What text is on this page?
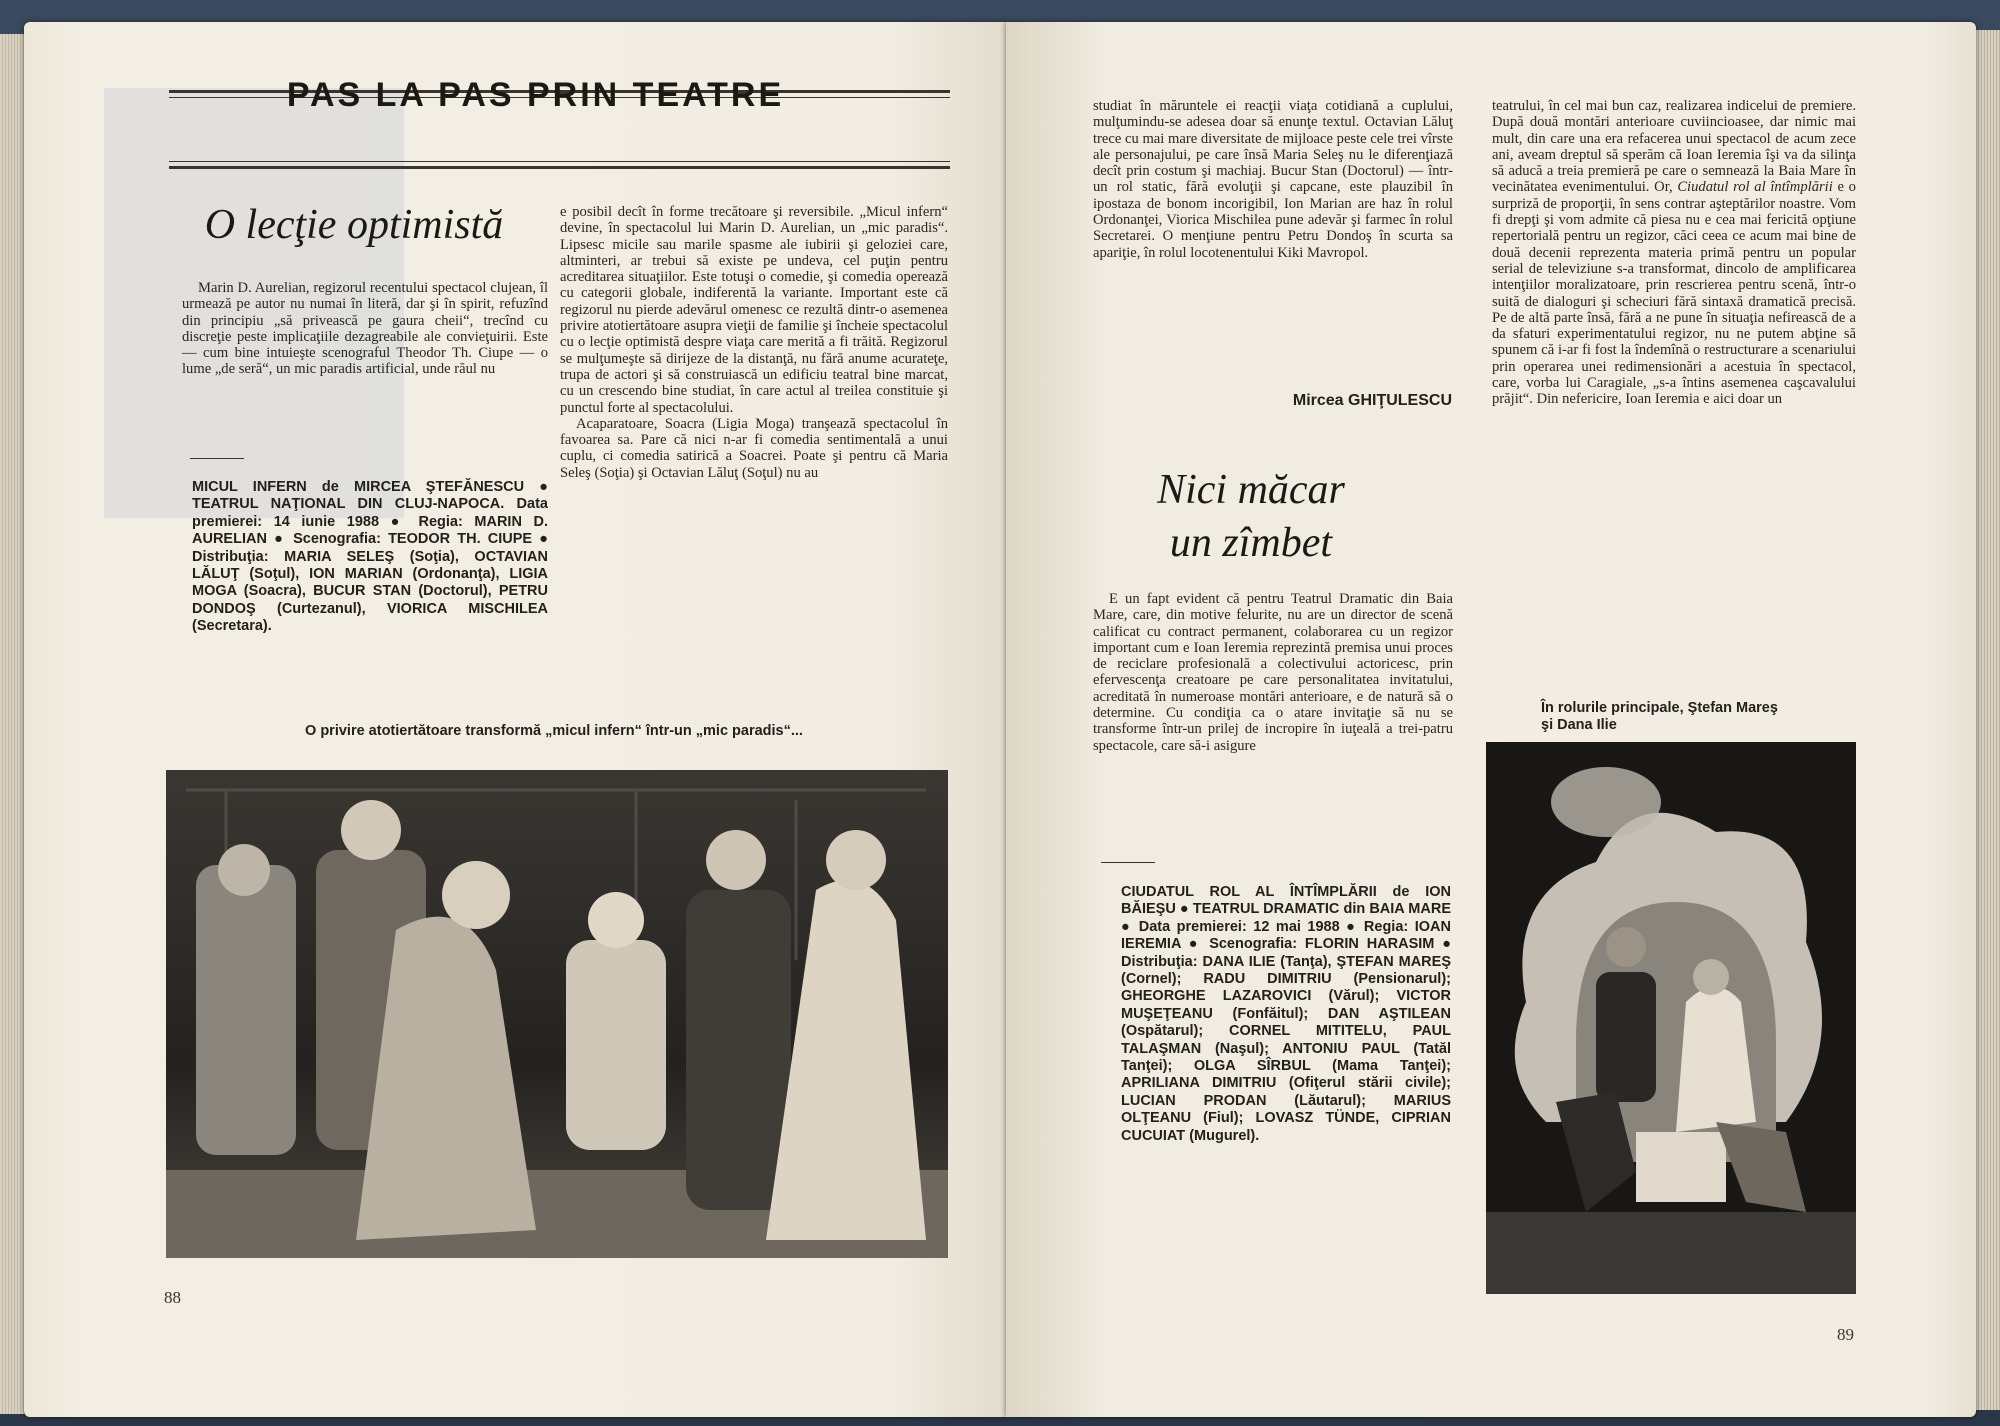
PAS LA PAS PRIN TEATRE
O lecţie optimistă

Marin D. Aurelian, regizorul recentului spectacol clujean, îl urmează pe autor nu numai în literă, dar şi în spirit, refuzînd din principiu „să privească pe gaura cheii“, trecînd cu discreţie peste implicaţiile dezagreabile ale convieţuirii. Este — cum bine intuieşte scenograful Theodor Th. Ciupe — o lume „de seră“, un mic paradis artificial, unde răul nu

MICUL INFERN de MIRCEA ŞTEFĂNESCU ● TEATRUL NAŢIONAL DIN CLUJ-NAPOCA. Data premierei: 14 iunie 1988 ● Regia: MARIN D. AURELIAN ● Scenografia: TEODOR TH. CIUPE ● Distribuţia: MARIA SELEŞ (Soţia), OCTAVIAN LĂLUŢ (Soţul), ION MARIAN (Ordonanţa), LIGIA MOGA (Soacra), BUCUR STAN (Doctorul), PETRU DONDOŞ (Curtezanul), VIORICA MISCHILEA (Secretara).

e posibil decît în forme trecătoare şi reversibile. „Micul infern“ devine, în spectacolul lui Marin D. Aurelian, un „mic paradis“. Lipsesc micile sau marile spasme ale iubirii şi geloziei care, altminteri, ar trebui să existe pe undeva, cel puţin pentru acreditarea situaţiilor. Este totuşi o comedie, şi comedia operează cu categorii globale, indiferentă la variante. Important este că regizorul nu pierde adevărul omenesc ce rezultă dintr-o asemenea privire atotiertătoare asupra vieţii de familie şi încheie spectacolul cu o lecţie optimistă despre viaţa care merită a fi trăită. Regizorul se mulţumeşte să dirijeze de la distanţă, nu fără anume acurateţe, trupa de actori şi să construiască un edificiu teatral bine marcat, cu un crescendo bine studiat, în care actul al treilea constituie şi punctul forte al spectacolului.

Acaparatoare, Soacra (Ligia Moga) tranşează spectacolul în favoarea sa. Pare că nici n-ar fi comedia sentimentală a unui cuplu, ci comedia satirică a Soacrei. Poate şi pentru că Maria Seleş (Soţia) şi Octavian Lăluţ (Soţul) nu au

O privire atotiertătoare transformă „micul infern“ într-un „mic paradis“...
88

studiat în măruntele ei reacţii viaţa cotidiană a cuplului, mulţumindu-se adesea doar să enunţe textul. Octavian Lăluţ trece cu mai mare diversitate de mijloace peste cele trei vîrste ale personajului, pe care însă Maria Seleş nu le diferenţiază decît prin costum şi machiaj. Bucur Stan (Doctorul) — într-un rol static, fără evoluţii şi capcane, este plauzibil în ipostaza de bonom incorigibil, Ion Marian are haz în rolul Ordonanţei, Viorica Mischilea pune adevăr şi farmec în rolul Secretarei. O menţiune pentru Petru Dondoş în scurta sa apariţie, în rolul locotenentului Kiki Mavropol.

Mircea GHIŢULESCU
Nici măcar
un zîmbet

E un fapt evident că pentru Teatrul Dramatic din Baia Mare, care, din motive felurite, nu are un director de scenă calificat cu contract permanent, colaborarea cu un regizor important cum e Ioan Ieremia reprezintă premisa unui proces de reciclare profesională a colectivului actoricesc, prin efervescenţa creatoare pe care personalitatea invitatului, acreditată în numeroase montări anterioare, e de natură să o determine. Cu condiţia ca o atare invitaţie să nu se transforme într-un prilej de incropire în iuţeală a trei-patru spectacole, care să-i asigure

CIUDATUL ROL AL ÎNTÎMPLĂRII de ION BĂIEŞU ● TEATRUL DRAMATIC din BAIA MARE ● Data premierei: 12 mai 1988 ● Regia: IOAN IEREMIA ● Scenografia: FLORIN HARASIM ● Distribuţia: DANA ILIE (Tanţa), ŞTEFAN MAREŞ (Cornel); RADU DIMITRIU (Pensionarul); GHEORGHE LAZAROVICI (Vărul); VICTOR MUŞEŢEANU (Fonfăitul); DAN AŞTILEAN (Ospătarul); CORNEL MITITELU, PAUL TALAŞMAN (Naşul); ANTONIU PAUL (Tatăl Tanţei); OLGA SÎRBUL (Mama Tanţei); APRILIANA DIMITRIU (Ofiţerul stării civile); LUCIAN PRODAN (Lăutarul); MARIUS OLŢEANU (Fiul); LOVASZ TÜNDE, CIPRIAN CUCUIAT (Mugurel).

teatrului, în cel mai bun caz, realizarea indicelui de premiere. După două montări anterioare cuviincioasee, dar nimic mai mult, din care una era refacerea unui spectacol de acum zece ani, aveam dreptul să sperăm că Ioan Ieremia îşi va da silinţa să aducă a treia premieră pe care o semnează la Baia Mare în vecinătatea evenimentului. Or, Ciudatul rol al întîmplării e o surpriză de proporţii, în sens contrar aşteptărilor noastre. Vom fi drepţi şi vom admite că piesa nu e cea mai fericită opţiune repertorială pentru un regizor, căci ceea ce acum mai bine de două decenii reprezenta materia primă pentru un popular serial de televiziune s-a transformat, dincolo de amplificarea intenţiilor moralizatoare, prin rescrierea pentru scenă, într-o suită de dialoguri şi scheciuri fără sintaxă dramatică precisă. Pe de altă parte însă, fără a ne pune în situaţia nefirească de a da sfaturi experimentatului regizor, nu ne putem abţine să spunem că i-ar fi fost la îndemînă o restructurare a scenariului prin operarea unei redimensionări a acestuia în spectacol, care, vorba lui Caragiale, „s-a întins asemenea caşcavalului prăjit“. Din nefericire, Ioan Ieremia e aici doar un

În rolurile principale, Ştefan Mareş şi Dana Ilie
89
